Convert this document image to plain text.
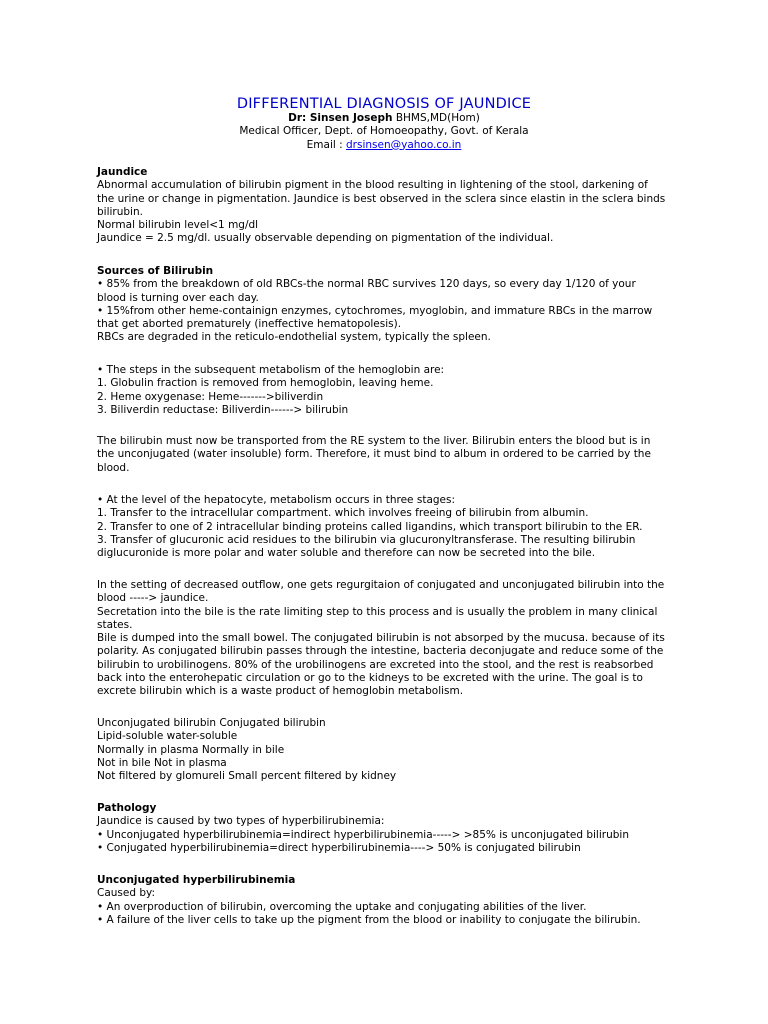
DIFFERENTIAL DIAGNOSIS OF JAUNDICE
Dr: Sinsen Joseph BHMS,MD(Hom)
Medical Officer, Dept. of Homoeopathy, Govt. of Kerala
Email : drsinsen@yahoo.co.in
Jaundice
Abnormal accumulation of bilirubin pigment in the blood resulting in lightening of the stool, darkening of
the urine or change in pigmentation. Jaundice is best observed in the sclera since elastin in the sclera binds
bilirubin.
Normal bilirubin level<1 mg/dl
Jaundice = 2.5 mg/dl. usually observable depending on pigmentation of the individual.
Sources of Bilirubin
• 85% from the breakdown of old RBCs-the normal RBC survives 120 days, so every day 1/120 of your
blood is turning over each day.
• 15%from other heme-containign enzymes, cytochromes, myoglobin, and immature RBCs in the marrow
that get aborted prematurely (ineffective hematopolesis).
RBCs are degraded in the reticulo-endothelial system, typically the spleen.
• The steps in the subsequent metabolism of the hemoglobin are:
1. Globulin fraction is removed from hemoglobin, leaving heme.
2. Heme oxygenase: Heme------->biliverdin
3. Biliverdin reductase: Biliverdin------> bilirubin
The bilirubin must now be transported from the RE system to the liver. Bilirubin enters the blood but is in
the unconjugated (water insoluble) form. Therefore, it must bind to album in ordered to be carried by the
blood.
• At the level of the hepatocyte, metabolism occurs in three stages:
1. Transfer to the intracellular compartment. which involves freeing of bilirubin from albumin.
2. Transfer to one of 2 intracellular binding proteins called ligandins, which transport bilirubin to the ER.
3. Transfer of glucuronic acid residues to the bilirubin via glucuronyltransferase. The resulting bilirubin
diglucuronide is more polar and water soluble and therefore can now be secreted into the bile.
In the setting of decreased outflow, one gets regurgitaion of conjugated and unconjugated bilirubin into the
blood -----> jaundice.
Secretation into the bile is the rate limiting step to this process and is usually the problem in many clinical
states.
Bile is dumped into the small bowel. The conjugated bilirubin is not absorped by the mucusa. because of its
polarity. As conjugated bilirubin passes through the intestine, bacteria deconjugate and reduce some of the
bilirubin to urobilinogens. 80% of the urobilinogens are excreted into the stool, and the rest is reabsorbed
back into the enterohepatic circulation or go to the kidneys to be excreted with the urine. The goal is to
excrete bilirubin which is a waste product of hemoglobin metabolism.
Unconjugated bilirubin Conjugated bilirubin
Lipid-soluble water-soluble
Normally in plasma Normally in bile
Not in bile Not in plasma
Not filtered by glomureli Small percent filtered by kidney
Pathology
Jaundice is caused by two types of hyperbilirubinemia:
• Unconjugated hyperbilirubinemia=indirect hyperbilirubinemia-----> >85% is unconjugated bilirubin
• Conjugated hyperbilirubinemia=direct hyperbilirubinemia----> 50% is conjugated bilirubin
Unconjugated hyperbilirubinemia
Caused by:
• An overproduction of bilirubin, overcoming the uptake and conjugating abilities of the liver.
• A failure of the liver cells to take up the pigment from the blood or inability to conjugate the bilirubin.
